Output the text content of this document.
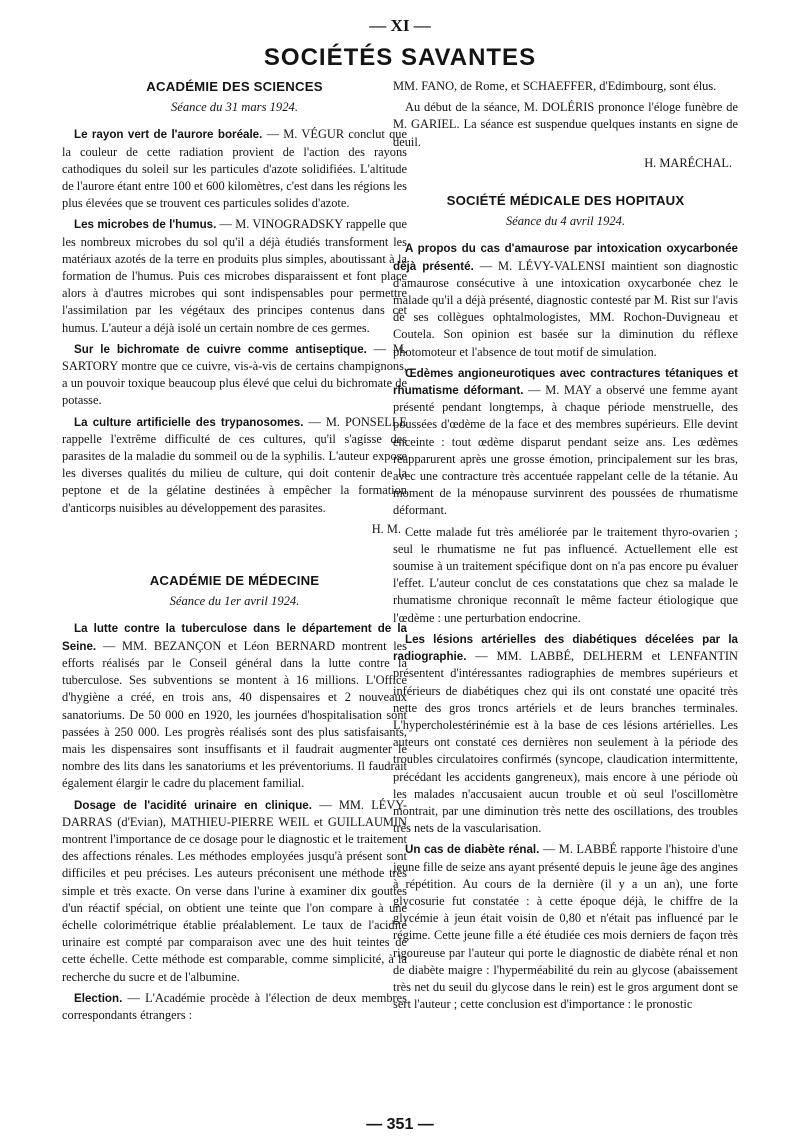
— XI —
SOCIÉTÉS SAVANTES
ACADÉMIE DES SCIENCES
Séance du 31 mars 1924.

Le rayon vert de l'aurore boréale. — M. VÉGUR conclut que la couleur de cette radiation provient de l'action des rayons cathodiques du soleil sur les particules d'azote solidifiées. L'altitude de l'aurore étant entre 100 et 600 kilomètres, c'est dans les régions les plus élevées que se trouvent ces particules solides d'azote.

Les microbes de l'humus. — M. VINOGRADSKY rappelle que les nombreux microbes du sol qu'il a déjà étudiés transforment les matériaux azotés de la terre en produits plus simples, aboutissant à la formation de l'humus. Puis ces microbes disparaissent et font place alors à d'autres microbes qui sont indispensables pour permettre l'assimilation par les végétaux des principes contenus dans cet humus. L'auteur a déjà isolé un certain nombre de ces germes.

Sur le bichromate de cuivre comme antiseptique. — M. SARTORY montre que ce cuivre, vis-à-vis de certains champignons, a un pouvoir toxique beaucoup plus élevé que celui du bichromate de potasse.

La culture artificielle des trypanosomes. — M. PONSELLE rappelle l'extrême difficulté de ces cultures, qu'il s'agisse des parasites de la maladie du sommeil ou de la syphilis. L'auteur expose les diverses qualités du milieu de culture, qui doit contenir de la peptone et de la gélatine destinées à empêcher la formation d'anticorps nuisibles au développement des parasites.

H. M.

ACADÉMIE DE MÉDECINE
Séance du 1er avril 1924.

La lutte contre la tuberculose dans le département de la Seine. — MM. BEZANÇON et Léon BERNARD montrent les efforts réalisés par le Conseil général dans la lutte contre la tuberculose. Ses subventions se montent à 16 millions. L'Office d'hygiène a créé, en trois ans, 40 dispensaires et 2 nouveaux sanatoriums. De 50 000 en 1920, les journées d'hospitalisation sont passées à 250 000. Les progrès réalisés sont des plus satisfaisants, mais les dispensaires sont insuffisants et il faudrait augmenter le nombre des lits dans les sanatoriums et les préventoriums. Il faudrait également élargir le cadre du placement familial.

Dosage de l'acidité urinaire en clinique. — MM. LÉVY-DARRAS (d'Evian), MATHIEU-PIERRE WEIL et GUILLAUMIN montrent l'importance de ce dosage pour le diagnostic et le traitement des affections rénales. Les méthodes employées jusqu'à présent sont difficiles et peu précises. Les auteurs préconisent une méthode très simple et très exacte. On verse dans l'urine à examiner dix gouttes d'un réactif spécial, on obtient une teinte que l'on compare à une échelle colorimétrique établie préalablement. Le taux de l'acidité urinaire est compté par comparaison avec une des huit teintes de cette échelle. Cette méthode est comparable, comme simplicité, à la recherche du sucre et de l'albumine.

Election. — L'Académie procède à l'élection de deux membres correspondants étrangers :

MM. FANO, de Rome, et SCHAEFFER, d'Edimbourg, sont élus.

Au début de la séance, M. DOLÉRIS prononce l'éloge funèbre de M. GARIEL. La séance est suspendue quelques instants en signe de deuil.

H. MARÉCHAL.

SOCIÉTÉ MÉDICALE DES HOPITAUX
Séance du 4 avril 1924.

A propos du cas d'amaurose par intoxication oxycarbonée déjà présenté. — M. LÉVY-VALENSI maintient son diagnostic d'amaurose consécutive à une intoxication oxycarbonée chez le malade qu'il a déjà présenté, diagnostic contesté par M. Rist sur l'avis de ses collègues ophtalmologistes, MM. Rochon-Duvigneau et Coutela. Son opinion est basée sur la diminution du réflexe photomoteur et l'absence de tout motif de simulation.

Œdèmes angioneurotiques avec contractures tétaniques et rhumatisme déformant. — M. MAY a observé une femme ayant présenté pendant longtemps, à chaque période menstruelle, des poussées d'œdème de la face et des membres supérieurs. Elle devint enceinte : tout œdème disparut pendant seize ans. Les œdèmes réapparurent après une grosse émotion, principalement sur les bras, avec une contracture très accentuée rappelant celle de la tétanie. Au moment de la ménopause survinrent des poussées de rhumatisme déformant.

Cette malade fut très améliorée par le traitement thyro-ovarien ; seul le rhumatisme ne fut pas influencé. Actuellement elle est soumise à un traitement spécifique dont on n'a pas encore pu évaluer l'effet. L'auteur conclut de ces constatations que chez sa malade le rhumatisme chronique reconnaît le même facteur étiologique que l'œdème : une perturbation endocrine.

Les lésions artérielles des diabétiques décelées par la radiographie. — MM. LABBÉ, DELHERM et LENFANTIN présentent d'intéressantes radiographies de membres supérieurs et inférieurs de diabétiques chez qui ils ont constaté une opacité très nette des gros troncs artériels et de leurs branches terminales. L'hypercholestérinémie est à la base de ces lésions artérielles. Les auteurs ont constaté ces dernières non seulement à la période des troubles circulatoires confirmés (syncope, claudication intermittente, précédant les accidents gangreneux), mais encore à une période où les malades n'accusaient aucun trouble et où seul l'oscillomètre montrait, par une diminution très nette des oscillations, des troubles très nets de la vascularisation.

Un cas de diabète rénal. — M. LABBÉ rapporte l'histoire d'une jeune fille de seize ans ayant présenté depuis le jeune âge des angines à répétition. Au cours de la dernière (il y a un an), une forte glycosurie fut constatée : à cette époque déjà, le chiffre de la glycémie à jeun était voisin de 0,80 et n'était pas influencé par le régime. Cette jeune fille a été étudiée ces mois derniers de façon très rigoureuse par l'auteur qui porte le diagnostic de diabète rénal et non de diabète maigre : l'hyperméabilité du rein au glycose (abaissement très net du seuil du glycose dans le rein) est le gros argument dont se sert l'auteur ; cette conclusion est d'importance : le pronostic

— 351 —
